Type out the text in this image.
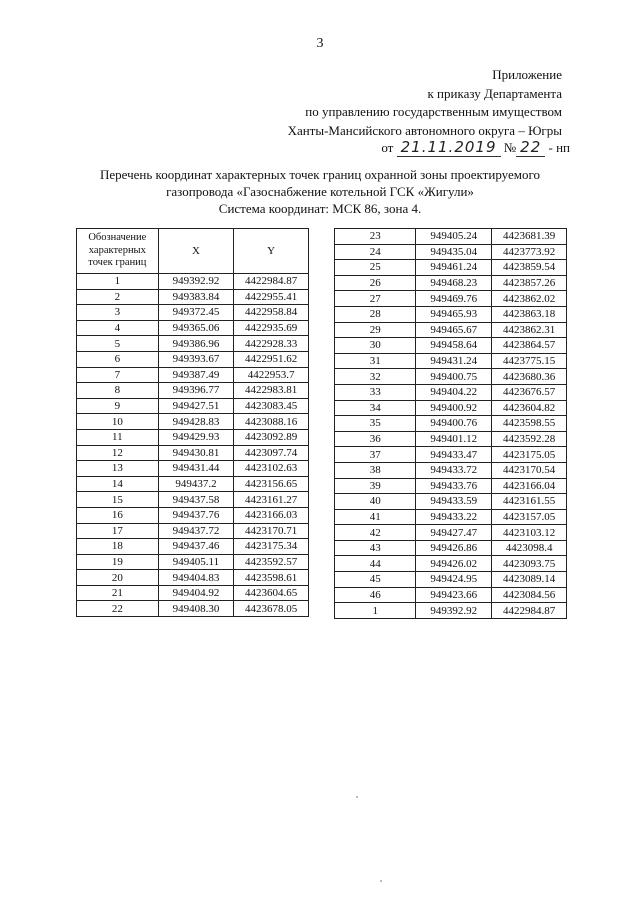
3
Приложение
к приказу Департамента
по управлению государственным имуществом
Ханты-Мансийского автономного округа – Югры
от 21.11.2019 № 22 - нп
Перечень координат характерных точек границ охранной зоны проектируемого
газопровода «Газоснабжение котельной ГСК «Жигули»
Система координат: МСК 86, зона 4.
Обозначение
характерных
точек границ	X	Y
1	949392.92	4422984.87
2	949383.84	4422955.41
3	949372.45	4422958.84
4	949365.06	4422935.69
5	949386.96	4422928.33
6	949393.67	4422951.62
7	949387.49	4422953.7
8	949396.77	4422983.81
9	949427.51	4423083.45
10	949428.83	4423088.16
11	949429.93	4423092.89
12	949430.81	4423097.74
13	949431.44	4423102.63
14	949437.2	4423156.65
15	949437.58	4423161.27
16	949437.76	4423166.03
17	949437.72	4423170.71
18	949437.46	4423175.34
19	949405.11	4423592.57
20	949404.83	4423598.61
21	949404.92	4423604.65
22	949408.30	4423678.05
23	949405.24	4423681.39
24	949435.04	4423773.92
25	949461.24	4423859.54
26	949468.23	4423857.26
27	949469.76	4423862.02
28	949465.93	4423863.18
29	949465.67	4423862.31
30	949458.64	4423864.57
31	949431.24	4423775.15
32	949400.75	4423680.36
33	949404.22	4423676.57
34	949400.92	4423604.82
35	949400.76	4423598.55
36	949401.12	4423592.28
37	949433.47	4423175.05
38	949433.72	4423170.54
39	949433.76	4423166.04
40	949433.59	4423161.55
41	949433.22	4423157.05
42	949427.47	4423103.12
43	949426.86	4423098.4
44	949426.02	4423093.75
45	949424.95	4423089.14
46	949423.66	4423084.56
1	949392.92	4422984.87
